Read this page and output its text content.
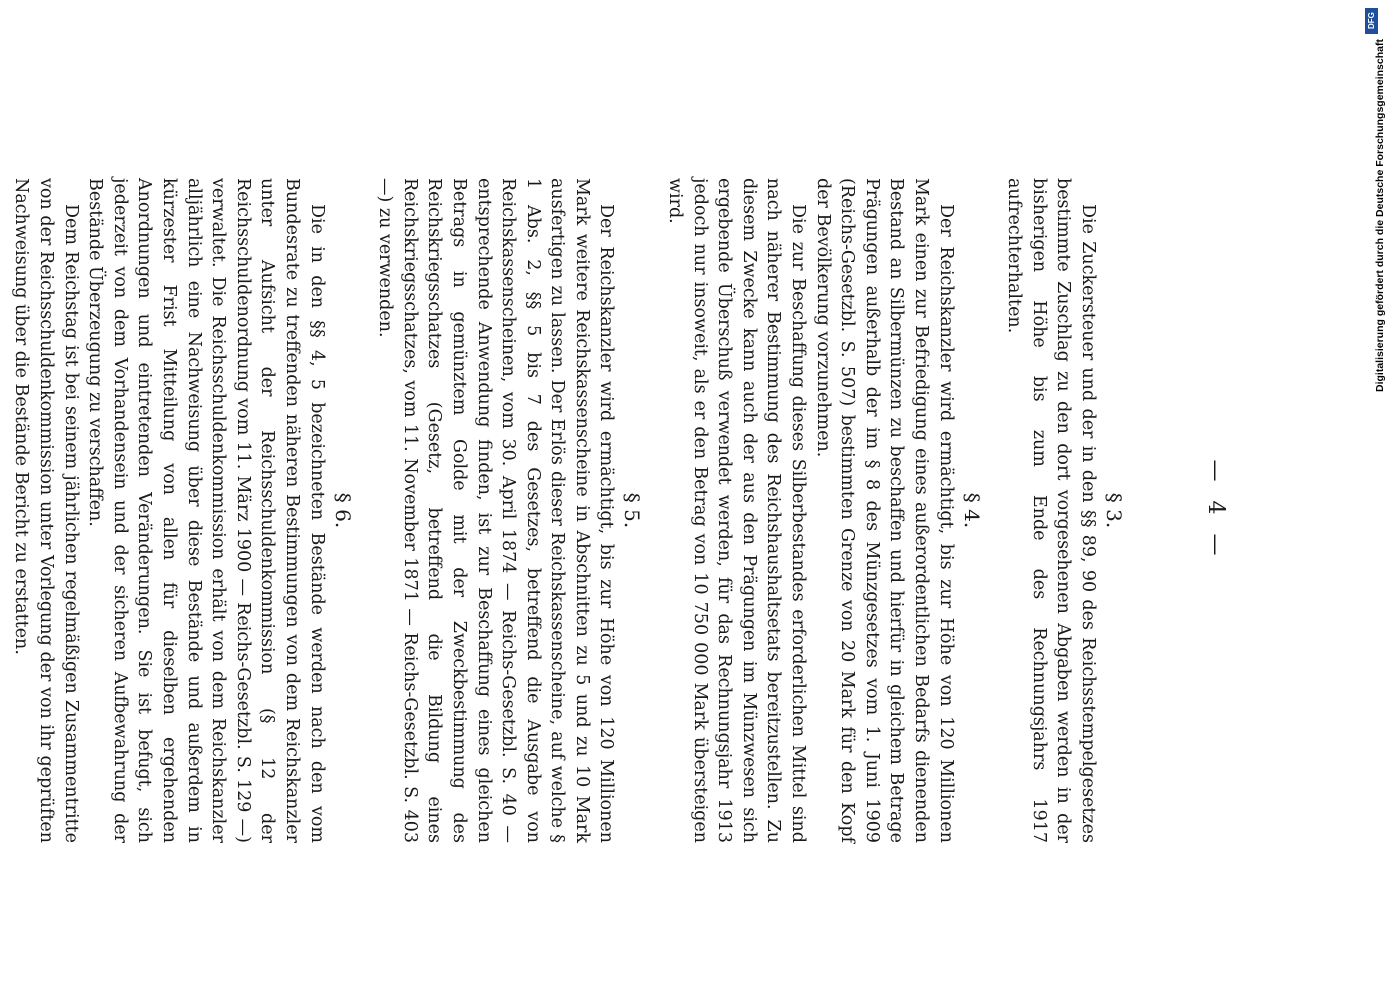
— 4 —

§ 3.

Die Zuckersteuer und der in den §§ 89, 90 des Reichsstempelgesetzes bestimmte Zuschlag zu den dort vorgesehenen Abgaben werden in der bisherigen Höhe bis zum Ende des Rechnungsjahrs 1917 aufrechterhalten.

§ 4.

Der Reichskanzler wird ermächtigt, bis zur Höhe von 120 Millionen Mark einen zur Befriedigung eines außerordentlichen Bedarfs dienenden Bestand an Silbermünzen zu beschaffen und hierfür in gleichem Betrage Prägungen außerhalb der im § 8 des Münzgesetzes vom 1. Juni 1909 (Reichs-Gesetzbl. S. 507) bestimmten Grenze von 20 Mark für den Kopf der Bevölkerung vorzunehmen.

Die zur Beschaffung dieses Silberbestandes erforderlichen Mittel sind nach näherer Bestimmung des Reichshaushaltsetats bereitzustellen. Zu diesem Zwecke kann auch der aus den Prägungen im Münzwesen sich ergebende Überschuß verwendet werden, für das Rechnungsjahr 1913 jedoch nur insoweit, als er den Betrag von 10 750 000 Mark übersteigen wird.

§ 5.

Der Reichskanzler wird ermächtigt, bis zur Höhe von 120 Millionen Mark weitere Reichskassenscheine in Abschnitten zu 5 und zu 10 Mark ausfertigen zu lassen. Der Erlös dieser Reichskassenscheine, auf welche § 1 Abs. 2, §§ 5 bis 7 des Gesetzes, betreffend die Ausgabe von Reichskassenscheinen, vom 30. April 1874 — Reichs-Gesetzbl. S. 40 — entsprechende Anwendung finden, ist zur Beschaffung eines gleichen Betrags in gemünztem Golde mit der Zweckbestimmung des Reichskriegsschatzes (Gesetz, betreffend die Bildung eines Reichskriegsschatzes, vom 11. November 1871 — Reichs-Gesetzbl. S. 403 —) zu verwenden.

§ 6.

Die in den §§ 4, 5 bezeichneten Bestände werden nach den vom Bundesrate zu treffenden näheren Bestimmungen von dem Reichskanzler unter Aufsicht der Reichsschuldenkommission (§ 12 der Reichsschuldenordnung vom 11. März 1900 — Reichs-Gesetzbl. S. 129 —) verwaltet. Die Reichsschuldenkommission erhält von dem Reichskanzler alljährlich eine Nachweisung über diese Bestände und außerdem in kürzester Frist Mitteilung von allen für dieselben ergehenden Anordnungen und eintretenden Veränderungen. Sie ist befugt, sich jederzeit von dem Vorhandensein und der sicheren Aufbewahrung der Bestände Überzeugung zu verschaffen.

Dem Reichstag ist bei seinem jährlichen regelmäßigen Zusammentritte von der Reichsschuldenkommission unter Vorlegung der von ihr geprüften Nachweisung über die Bestände Bericht zu erstatten.

DFG
Digitalisierung gefördert durch die Deutsche Forschungsgemeinschaft
